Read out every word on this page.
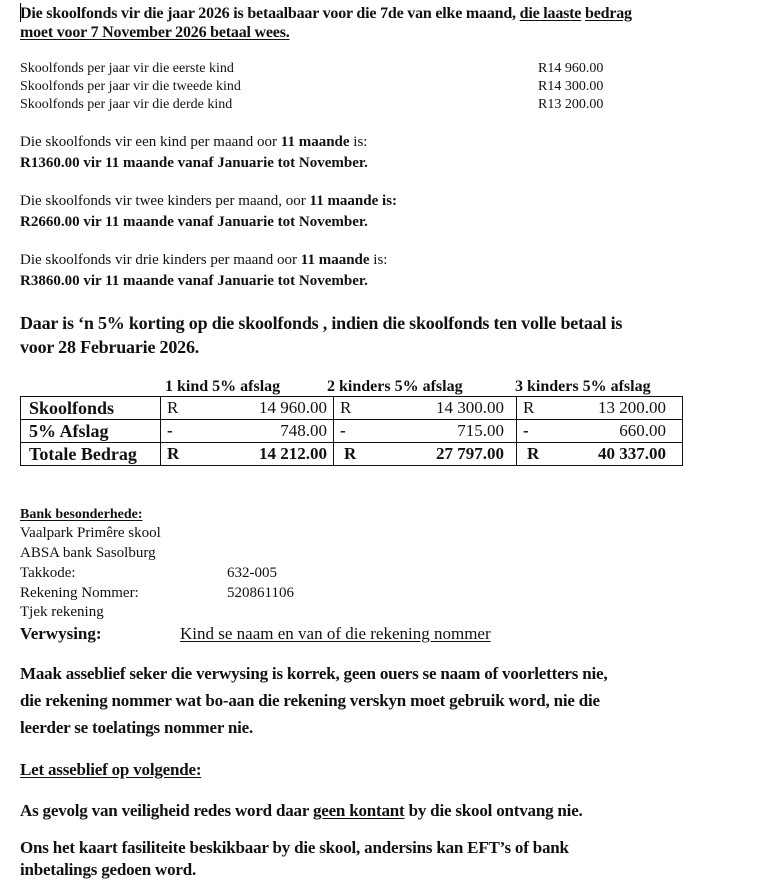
Die skoolfonds vir die jaar 2026 is betaalbaar voor die 7de van elke maand, die laaste bedrag
moet voor 7 November 2026 betaal wees.
Skoolfonds per jaar vir die eerste kind	R14 960.00
Skoolfonds per jaar vir die tweede kind	R14 300.00
Skoolfonds per jaar vir die derde kind	R13 200.00
Die skoolfonds vir een kind per maand oor 11 maande is:
R1360.00 vir 11 maande vanaf Januarie tot November.
Die skoolfonds vir twee kinders per maand, oor 11 maande is:
R2660.00 vir 11 maande vanaf Januarie tot November.
Die skoolfonds vir drie kinders per maand oor 11 maande is:
R3860.00 vir 11 maande vanaf Januarie tot November.
Daar is ‘n 5% korting op die skoolfonds , indien die skoolfonds ten volle betaal is
voor 28 Februarie 2026.
1 kind 5% afslag	2 kinders 5% afslag	3 kinders 5% afslag
Skoolfonds	R 14 960.00	R 14 300.00	R 13 200.00

5% Afslag	- 748.00	- 715.00	- 660.00

Totale Bedrag	R 14 212.00	R 27 797.00	R 40 337.00
Bank besonderhede:
Vaalpark Primêre skool
ABSA bank Sasolburg
Takkode:	632-005
Rekening Nommer:	520861106
Tjek rekening
Verwysing:	Kind se naam en van of die rekening nommer
Maak asseblief seker die verwysing is korrek, geen ouers se naam of voorletters nie,
die rekening nommer wat bo-aan die rekening verskyn moet gebruik word, nie die
leerder se toelatings nommer nie.
Let asseblief op volgende:
As gevolg van veiligheid redes word daar geen kontant by die skool ontvang nie.
Ons het kaart fasiliteite beskikbaar by die skool, andersins kan EFT’s of bank
inbetalings gedoen word.
